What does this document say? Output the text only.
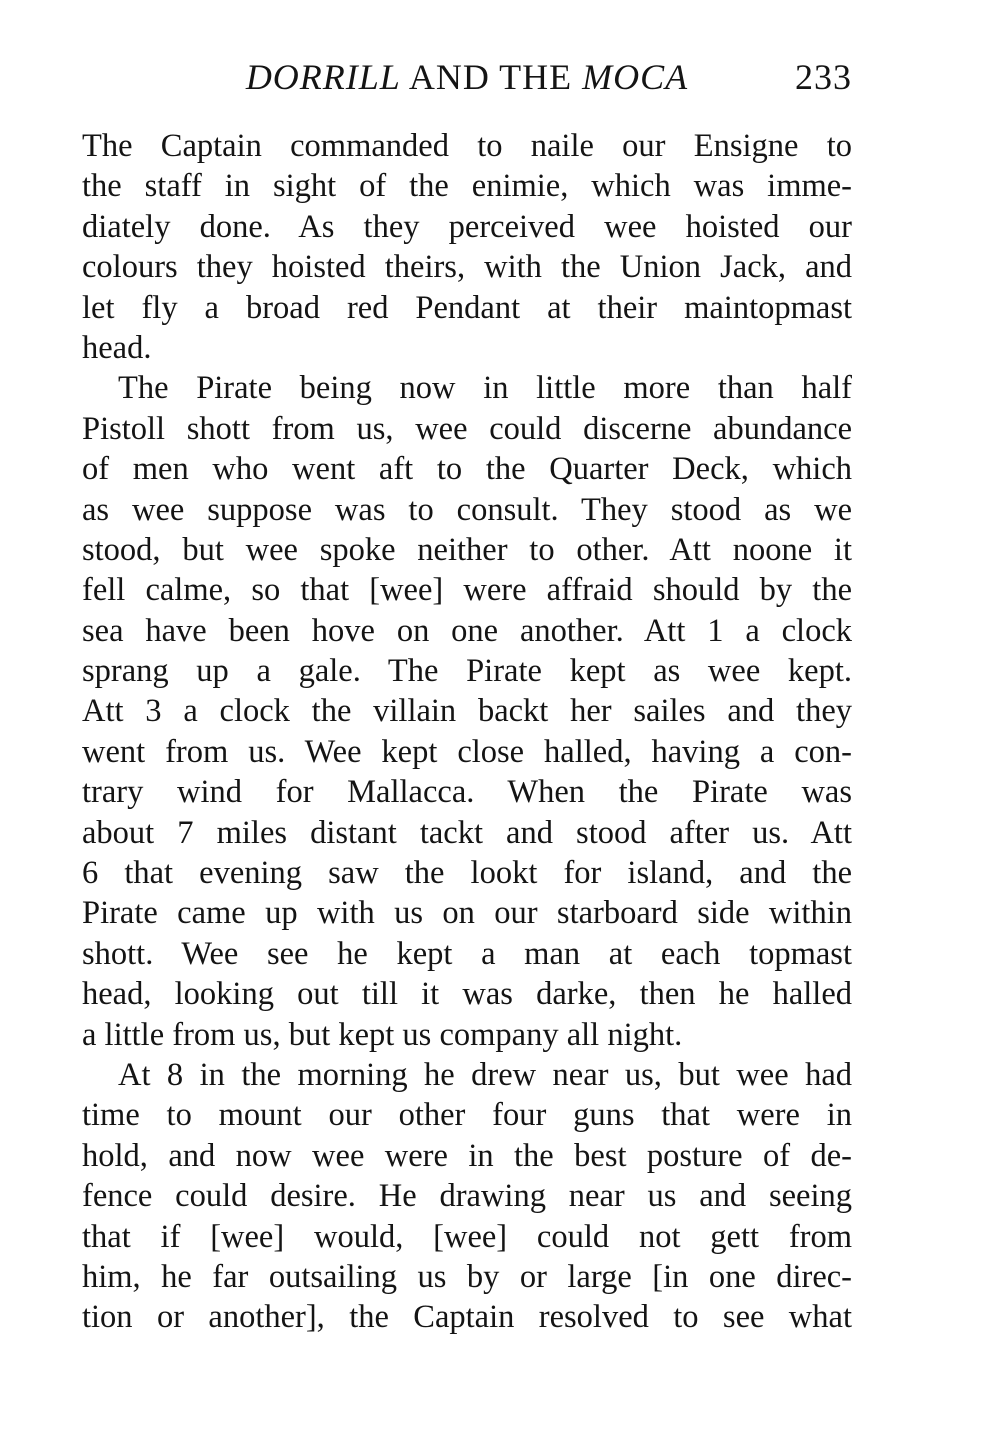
DORRILL AND THE MOCA	233
The Captain commanded to naile our Ensigne to
the staff in sight of the enimie, which was imme-
diately done. As they perceived wee hoisted our
colours they hoisted theirs, with the Union Jack, and
let fly a broad red Pendant at their maintopmast
head.
The Pirate being now in little more than half
Pistoll shott from us, wee could discerne abundance
of men who went aft to the Quarter Deck, which
as wee suppose was to consult. They stood as we
stood, but wee spoke neither to other. Att noone it
fell calme, so that [wee] were affraid should by the
sea have been hove on one another. Att 1 a clock
sprang up a gale. The Pirate kept as wee kept.
Att 3 a clock the villain backt her sailes and they
went from us. Wee kept close halled, having a con-
trary wind for Mallacca. When the Pirate was
about 7 miles distant tackt and stood after us. Att
6 that evening saw the lookt for island, and the
Pirate came up with us on our starboard side within
shott. Wee see he kept a man at each topmast
head, looking out till it was darke, then he halled
a little from us, but kept us company all night.
At 8 in the morning he drew near us, but wee had
time to mount our other four guns that were in
hold, and now wee were in the best posture of de-
fence could desire. He drawing near us and seeing
that if [wee] would, [wee] could not gett from
him, he far outsailing us by or large [in one direc-
tion or another], the Captain resolved to see what
